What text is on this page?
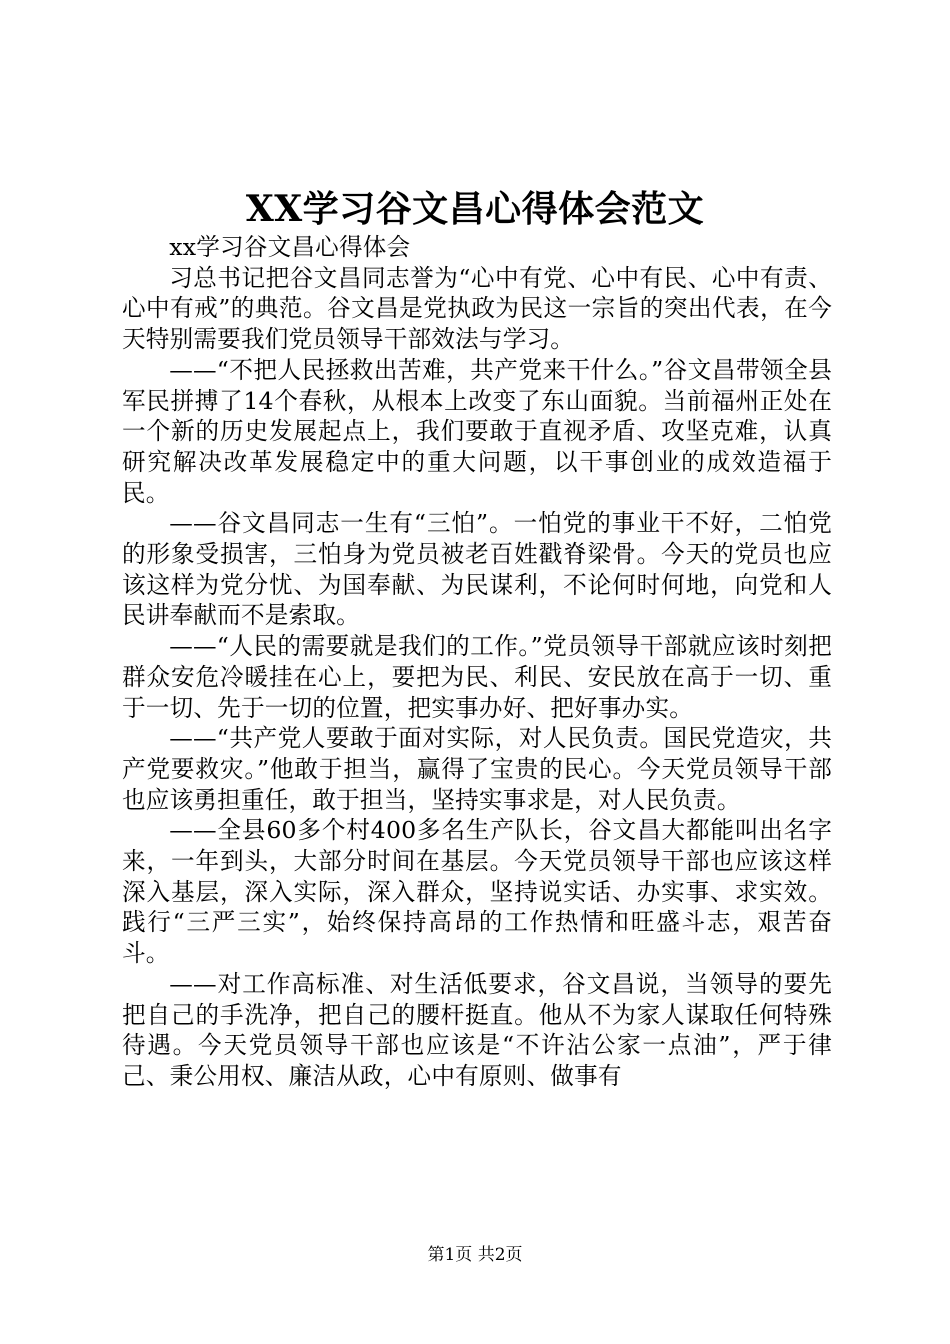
XX学习谷文昌心得体会范文

xx学习谷文昌心得体会

习总书记把谷文昌同志誉为“心中有党、心中有民、心中有责、心中有戒”的典范。谷文昌是党执政为民这一宗旨的突出代表，在今天特别需要我们党员领导干部效法与学习。

——“不把人民拯救出苦难，共产党来干什么。”谷文昌带领全县军民拼搏了14个春秋，从根本上改变了东山面貌。当前福州正处在一个新的历史发展起点上，我们要敢于直视矛盾、攻坚克难，认真研究解决改革发展稳定中的重大问题，以干事创业的成效造福于民。

——谷文昌同志一生有“三怕”。一怕党的事业干不好，二怕党的形象受损害，三怕身为党员被老百姓戳脊梁骨。今天的党员也应该这样为党分忧、为国奉献、为民谋利，不论何时何地，向党和人民讲奉献而不是索取。

——“人民的需要就是我们的工作。”党员领导干部就应该时刻把群众安危冷暖挂在心上，要把为民、利民、安民放在高于一切、重于一切、先于一切的位置，把实事办好、把好事办实。

——“共产党人要敢于面对实际，对人民负责。国民党造灾，共产党要救灾。”他敢于担当，赢得了宝贵的民心。今天党员领导干部也应该勇担重任，敢于担当，坚持实事求是，对人民负责。

——全县60多个村400多名生产队长，谷文昌大都能叫出名字来，一年到头，大部分时间在基层。今天党员领导干部也应该这样深入基层，深入实际，深入群众，坚持说实话、办实事、求实效。践行“三严三实”，始终保持高昂的工作热情和旺盛斗志，艰苦奋斗。

——对工作高标准、对生活低要求，谷文昌说，当领导的要先把自己的手洗净，把自己的腰杆挺直。他从不为家人谋取任何特殊待遇。今天党员领导干部也应该是“不许沾公家一点油”，严于律己、秉公用权、廉洁从政，心中有原则、做事有

第1页 共2页
